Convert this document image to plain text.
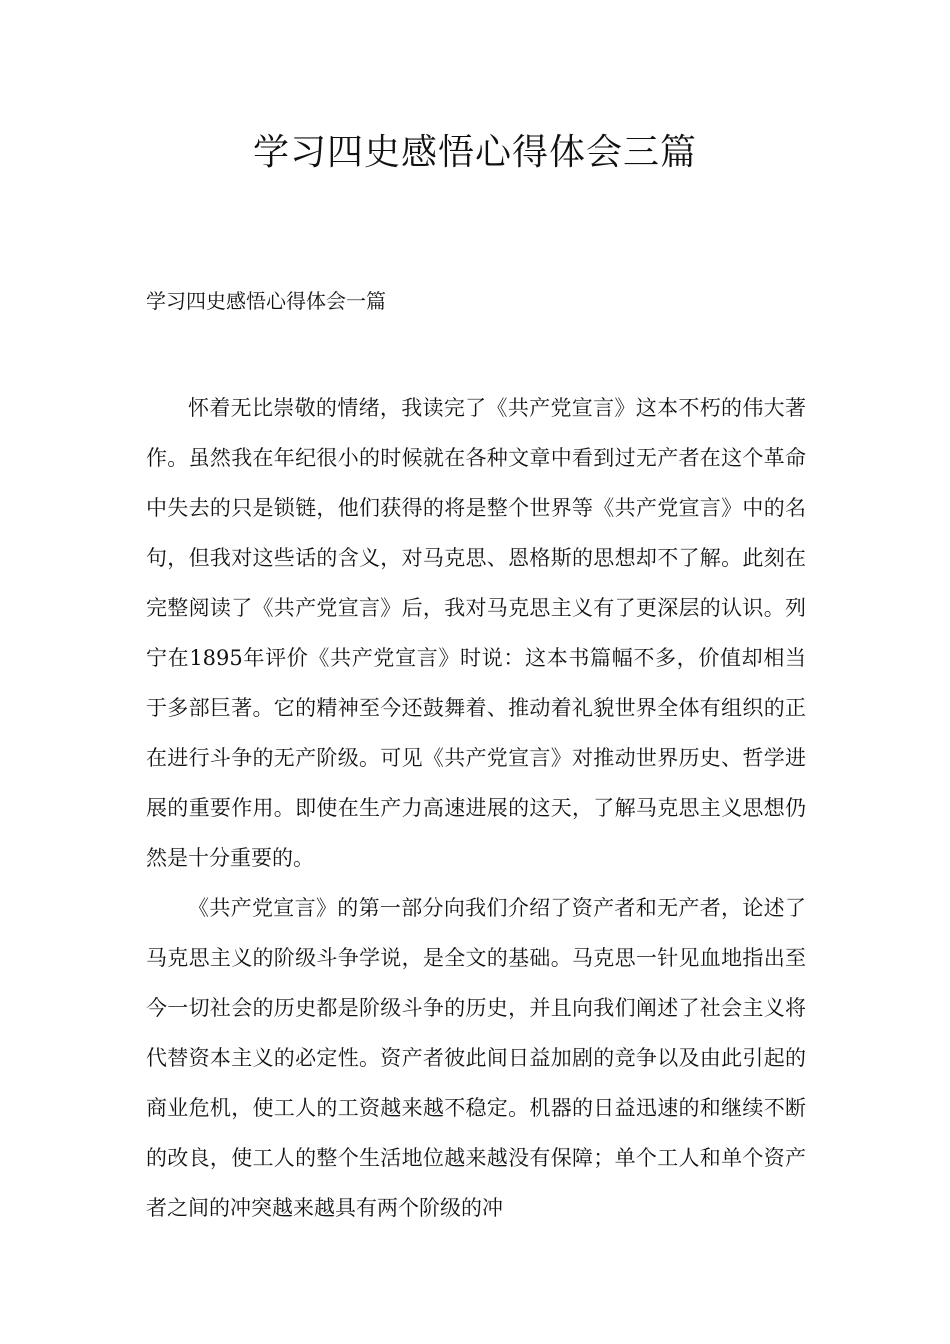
学习四史感悟心得体会三篇
学习四史感悟心得体会一篇

怀着无比崇敬的情绪，我读完了《共产党宣言》这本不朽的伟大著作。虽然我在年纪很小的时候就在各种文章中看到过无产者在这个革命中失去的只是锁链，他们获得的将是整个世界等《共产党宣言》中的名句，但我对这些话的含义，对马克思、恩格斯的思想却不了解。此刻在完整阅读了《共产党宣言》后，我对马克思主义有了更深层的认识。列宁在1895年评价《共产党宣言》时说：这本书篇幅不多，价值却相当于多部巨著。它的精神至今还鼓舞着、推动着礼貌世界全体有组织的正在进行斗争的无产阶级。可见《共产党宣言》对推动世界历史、哲学进展的重要作用。即使在生产力高速进展的这天，了解马克思主义思想仍然是十分重要的。

《共产党宣言》的第一部分向我们介绍了资产者和无产者，论述了马克思主义的阶级斗争学说，是全文的基础。马克思一针见血地指出至今一切社会的历史都是阶级斗争的历史，并且向我们阐述了社会主义将代替资本主义的必定性。资产者彼此间日益加剧的竞争以及由此引起的商业危机，使工人的工资越来越不稳定。机器的日益迅速的和继续不断的改良，使工人的整个生活地位越来越没有保障；单个工人和单个资产者之间的冲突越来越具有两个阶级的冲
